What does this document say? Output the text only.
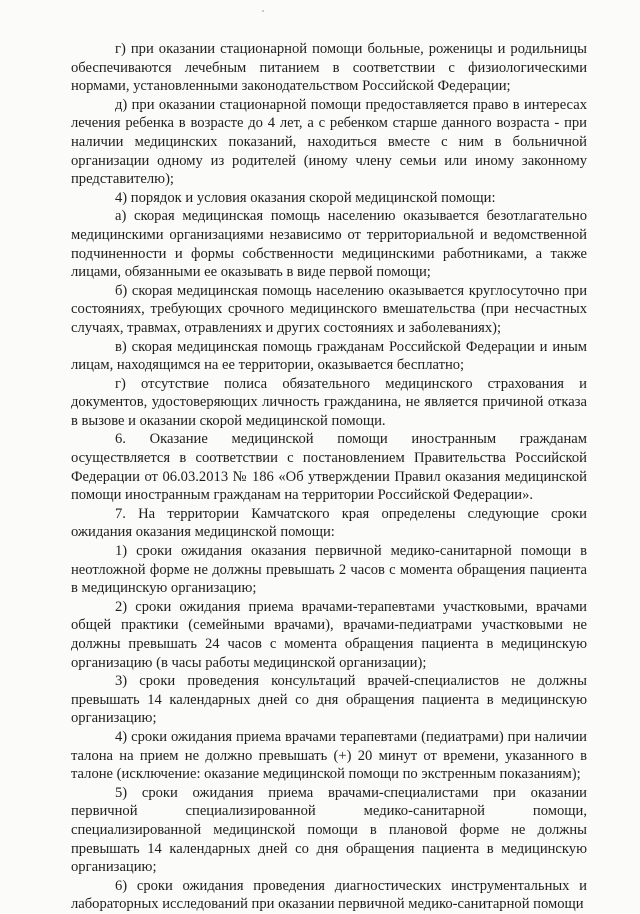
г) при оказании стационарной помощи больные, роженицы и родильницы обеспечиваются лечебным питанием в соответствии с физиологическими нормами, установленными законодательством Российской Федерации;

д) при оказании стационарной помощи предоставляется право в интересах лечения ребенка в возрасте до 4 лет, а с ребенком старше данного возраста - при наличии медицинских показаний, находиться вместе с ним в больничной организации одному из родителей (иному члену семьи или иному законному представителю);

4) порядок и условия оказания скорой медицинской помощи:

а) скорая медицинская помощь населению оказывается безотлагательно медицинскими организациями независимо от территориальной и ведомственной подчиненности и формы собственности медицинскими работниками, а также лицами, обязанными ее оказывать в виде первой помощи;

б) скорая медицинская помощь населению оказывается круглосуточно при состояниях, требующих срочного медицинского вмешательства (при несчастных случаях, травмах, отравлениях и других состояниях и заболеваниях);

в) скорая медицинская помощь гражданам Российской Федерации и иным лицам, находящимся на ее территории, оказывается бесплатно;

г) отсутствие полиса обязательного медицинского страхования и документов, удостоверяющих личность гражданина, не является причиной отказа в вызове и оказании скорой медицинской помощи.

6. Оказание медицинской помощи иностранным гражданам осуществляется в соответствии с постановлением Правительства Российской Федерации от 06.03.2013 № 186 «Об утверждении Правил оказания медицинской помощи иностранным гражданам на территории Российской Федерации».

7. На территории Камчатского края определены следующие сроки ожидания оказания медицинской помощи:

1) сроки ожидания оказания первичной медико-санитарной помощи в неотложной форме не должны превышать 2 часов с момента обращения пациента в медицинскую организацию;

2) сроки ожидания приема врачами-терапевтами участковыми, врачами общей практики (семейными врачами), врачами-педиатрами участковыми не должны превышать 24 часов с момента обращения пациента в медицинскую организацию (в часы работы медицинской организации);

3) сроки проведения консультаций врачей-специалистов не должны превышать 14 календарных дней со дня обращения пациента в медицинскую организацию;

4) сроки ожидания приема врачами терапевтами (педиатрами) при наличии талона на прием не должно превышать (+) 20 минут от времени, указанного в талоне (исключение: оказание медицинской помощи по экстренным показаниям);

5) сроки ожидания приема врачами-специалистами при оказании первичной специализированной медико-санитарной помощи, специализированной медицинской помощи в плановой форме не должны превышать 14 календарных дней со дня обращения пациента в медицинскую организацию;

6) сроки ожидания проведения диагностических инструментальных и лабораторных исследований при оказании первичной медико-санитарной помощи
